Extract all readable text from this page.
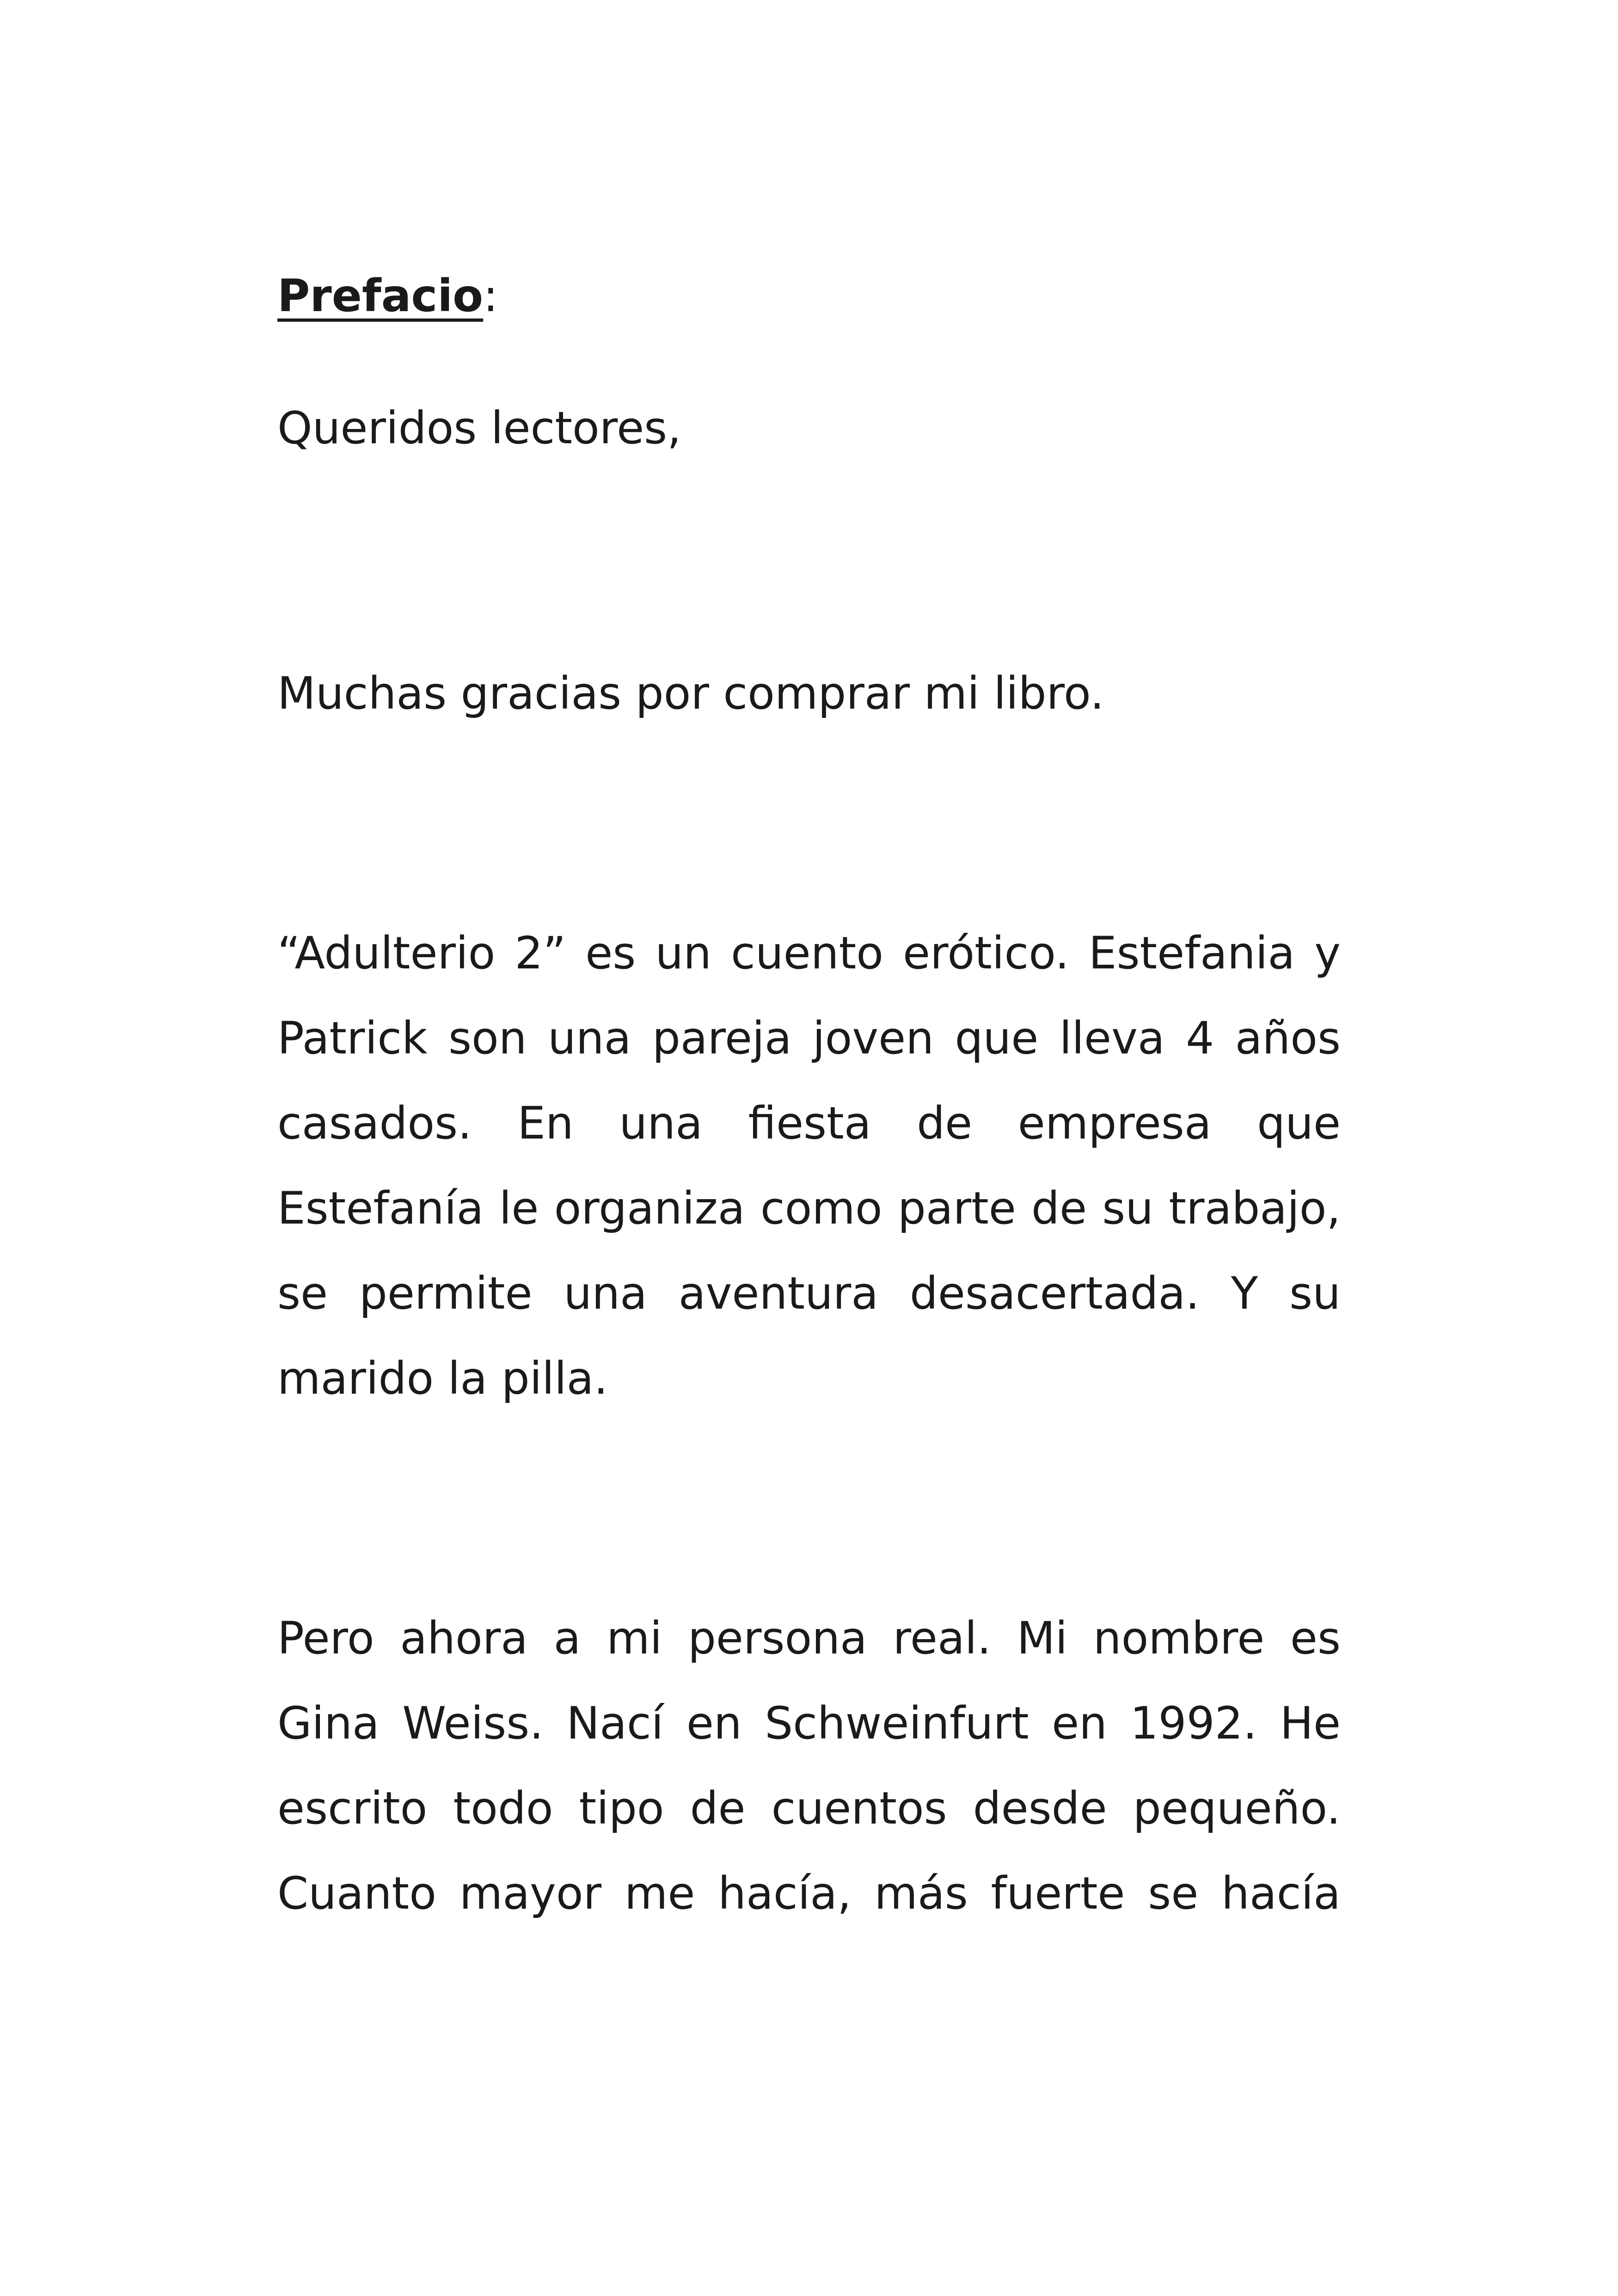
Prefacio:

Queridos lectores,

Muchas gracias por comprar mi libro.

“Adulterio 2” es un cuento erótico. Estefania y Patrick son una pareja joven que lleva 4 años casados. En una fiesta de empresa que Estefanía le organiza como parte de su trabajo, se permite una aventura desacertada. Y su marido la pilla.

Pero ahora a mi persona real. Mi nombre es Gina Weiss. Nací en Schweinfurt en 1992. He escrito todo tipo de cuentos desde pequeño. Cuanto mayor me hacía, más fuerte se hacía
